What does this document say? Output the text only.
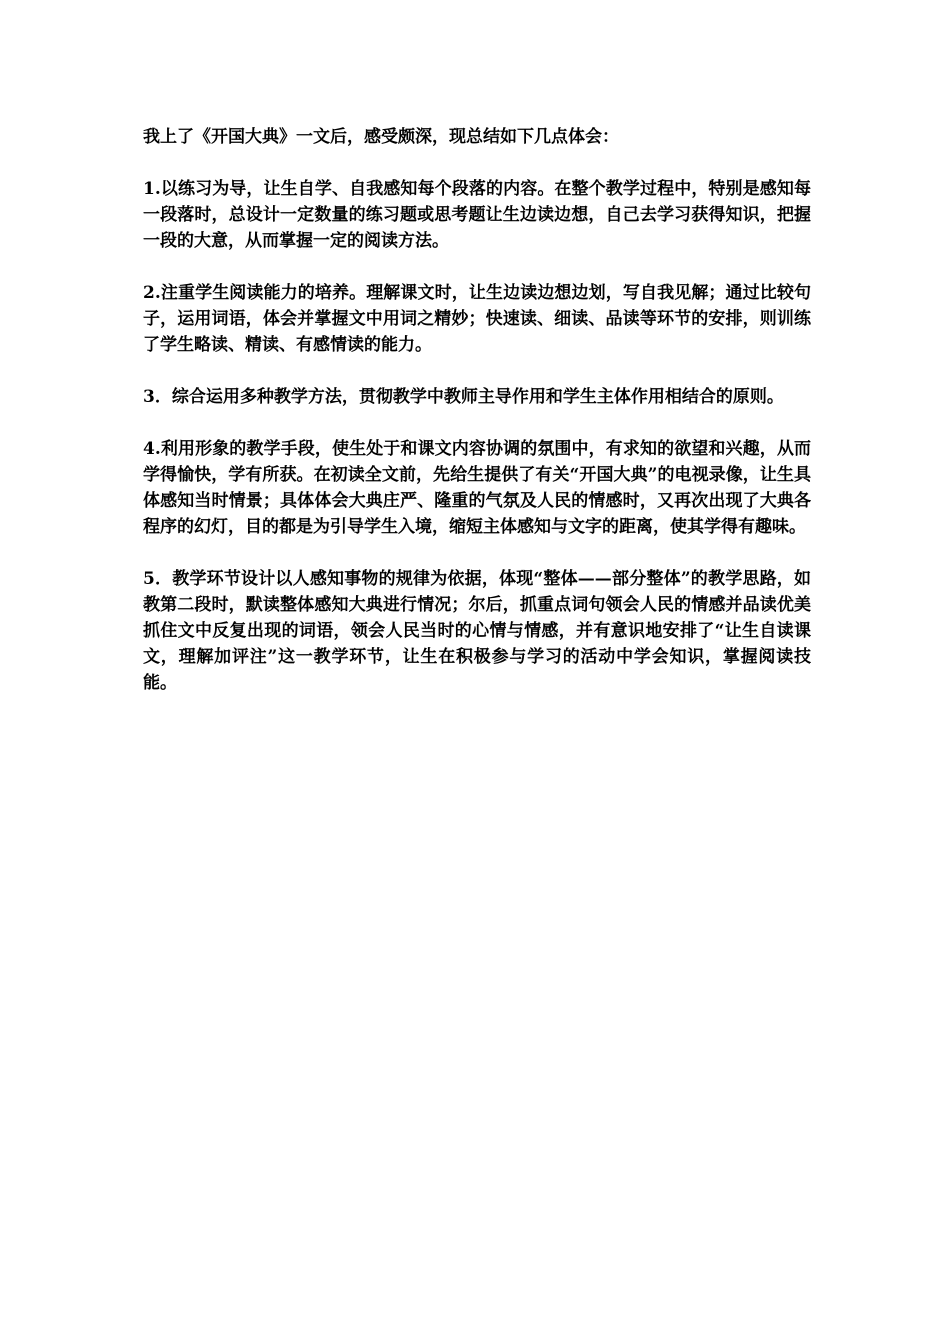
我上了《开国大典》一文后，感受颇深，现总结如下几点体会：

1.以练习为导，让生自学、自我感知每个段落的内容。在整个教学过程中，特别是感知每一段落时，总设计一定数量的练习题或思考题让生边读边想，自己去学习获得知识，把握一段的大意，从而掌握一定的阅读方法。

2.注重学生阅读能力的培养。理解课文时，让生边读边想边划，写自我见解；通过比较句子，运用词语，体会并掌握文中用词之精妙；快速读、细读、品读等环节的安排，则训练了学生略读、精读、有感情读的能力。

3．综合运用多种教学方法，贯彻教学中教师主导作用和学生主体作用相结合的原则。

4.利用形象的教学手段，使生处于和课文内容协调的氛围中，有求知的欲望和兴趣，从而学得愉快，学有所获。在初读全文前，先给生提供了有关“开国大典”的电视录像，让生具体感知当时情景；具体体会大典庄严、隆重的气氛及人民的情感时，又再次出现了大典各程序的幻灯，目的都是为引导学生入境，缩短主体感知与文字的距离，使其学得有趣味。

5．教学环节设计以人感知事物的规律为依据，体现“整体——部分整体”的教学思路，如教第二段时，默读整体感知大典进行情况；尔后，抓重点词句领会人民的情感并品读优美抓住文中反复出现的词语，领会人民当时的心情与情感，并有意识地安排了“让生自读课文，理解加评注”这一教学环节，让生在积极参与学习的活动中学会知识，掌握阅读技能。
